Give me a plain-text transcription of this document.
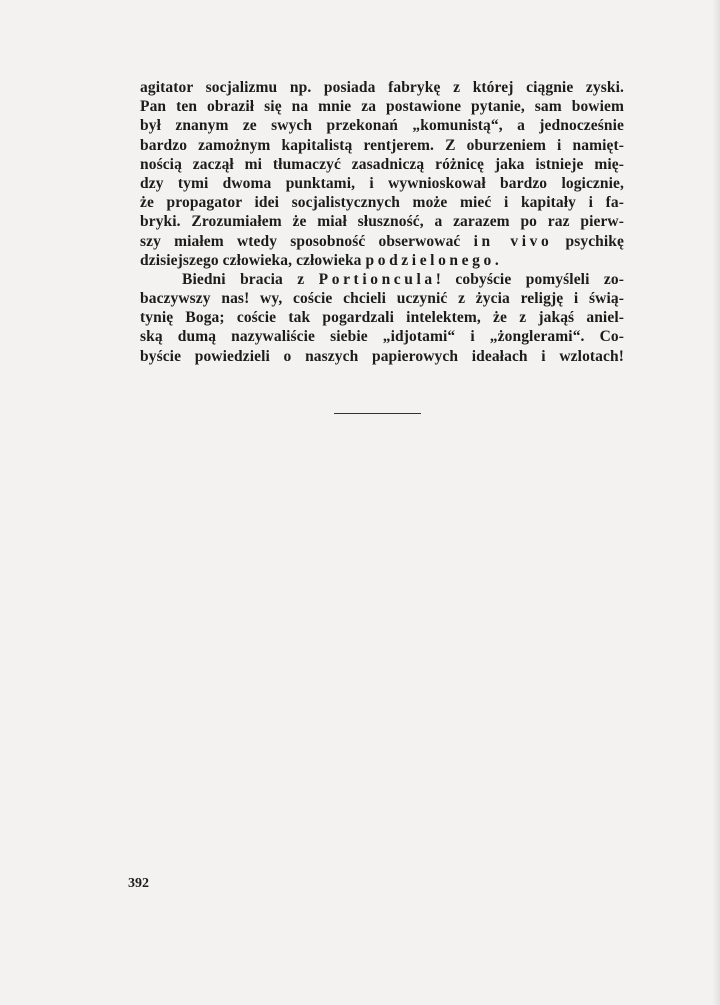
agitator socjalizmu np. posiada fabrykę z której ciągnie zyski.
Pan ten obraził się na mnie za postawione pytanie, sam bowiem
był znanym ze swych przekonań „komunistą“, a jednocześnie
bardzo zamożnym kapitalistą rentjerem. Z oburzeniem i namięt-
nością zaczął mi tłumaczyć zasadniczą różnicę jaka istnieje mię-
dzy tymi dwoma punktami, i wywnioskował bardzo logicznie,
że propagator idei socjalistycznych może mieć i kapitały i fa-
bryki. Zrozumiałem że miał słuszność, a zarazem po raz pierw-
szy miałem wtedy sposobność obserwować in vivo psychikę
dzisiejszego człowieka, człowieka podzielonego.
Biedni bracia z Portioncula! cobyście pomyśleli zo-
baczywszy nas! wy, coście chcieli uczynić z życia religję i świą-
tynię Boga; coście tak pogardzali intelektem, że z jakąś aniel-
ską dumą nazywaliście siebie „idjotami“ i „żonglerami“. Co-
byście powiedzieli o naszych papierowych ideałach i wzlotach!
392
